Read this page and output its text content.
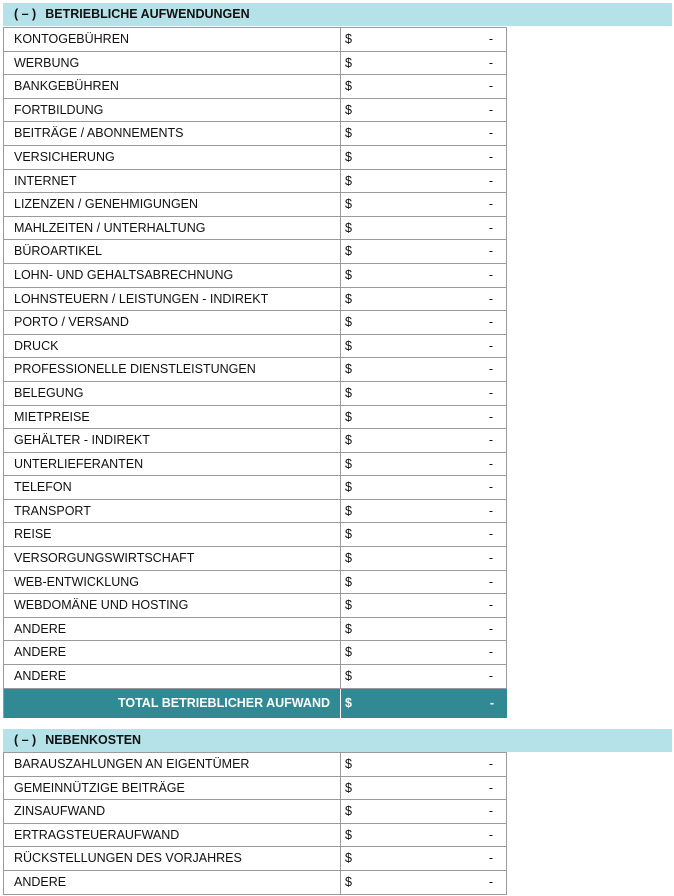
( – ) BETRIEBLICHE AUFWENDUNGEN
KONTOGEBÜHREN	$	-
WERBUNG	$	-
BANKGEBÜHREN	$	-
FORTBILDUNG	$	-
BEITRÄGE / ABONNEMENTS	$	-
VERSICHERUNG	$	-
INTERNET	$	-
LIZENZEN / GENEHMIGUNGEN	$	-
MAHLZEITEN / UNTERHALTUNG	$	-
BÜROARTIKEL	$	-
LOHN- UND GEHALTSABRECHNUNG	$	-
LOHNSTEUERN / LEISTUNGEN - INDIREKT	$	-
PORTO / VERSAND	$	-
DRUCK	$	-
PROFESSIONELLE DIENSTLEISTUNGEN	$	-
BELEGUNG	$	-
MIETPREISE	$	-
GEHÄLTER - INDIREKT	$	-
UNTERLIEFERANTEN	$	-
TELEFON	$	-
TRANSPORT	$	-
REISE	$	-
VERSORGUNGSWIRTSCHAFT	$	-
WEB-ENTWICKLUNG	$	-
WEBDOMÄNE UND HOSTING	$	-
ANDERE	$	-
ANDERE	$	-
ANDERE	$	-
TOTAL BETRIEBLICHER AUFWAND	$	-
( – ) NEBENKOSTEN
BARAUSZAHLUNGEN AN EIGENTÜMER	$	-
GEMEINNÜTZIGE BEITRÄGE	$	-
ZINSAUFWAND	$	-
ERTRAGSTEUERAUFWAND	$	-
RÜCKSTELLUNGEN DES VORJAHRES	$	-
ANDERE	$	-
